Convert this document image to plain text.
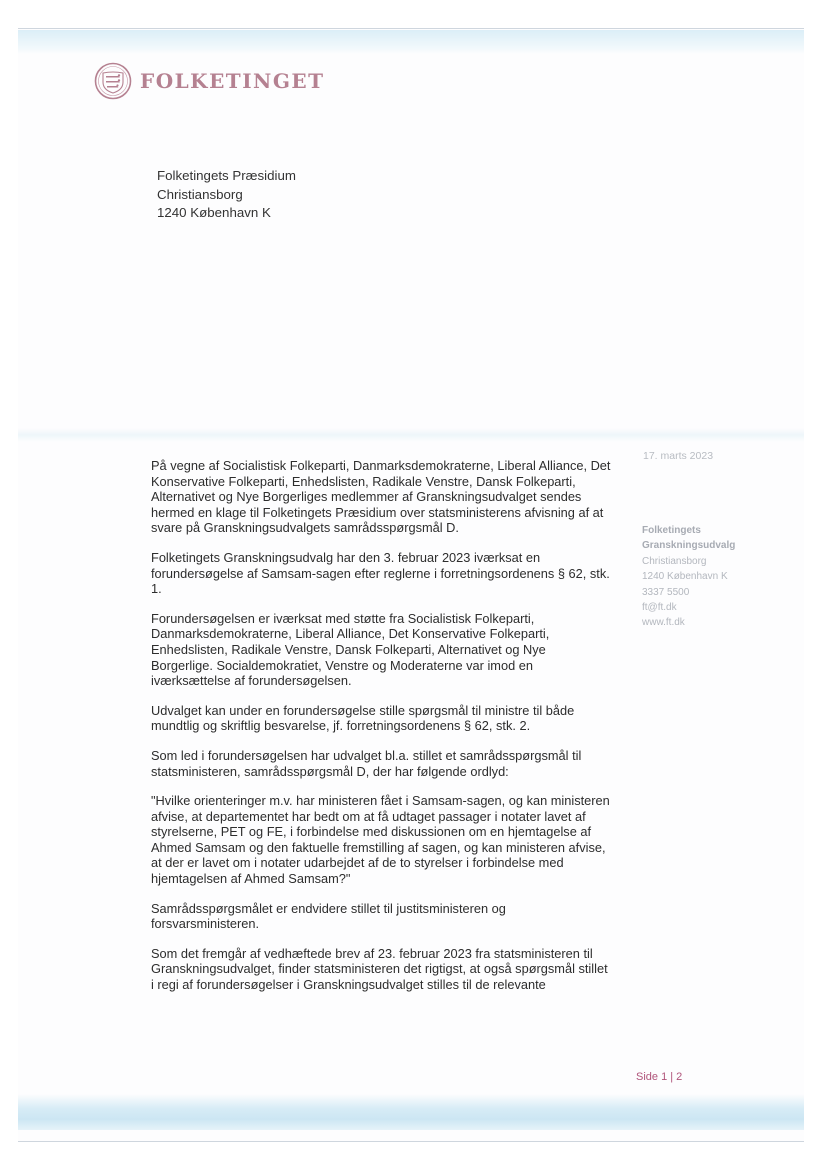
FOLKETINGET
Folketingets Præsidium
Christiansborg
1240 København K
17. marts 2023
Folketingets
Granskningsudvalg
Christiansborg
1240 København K
3337 5500
ft@ft.dk
www.ft.dk

På vegne af Socialistisk Folkeparti, Danmarksdemokraterne, Liberal Alliance, Det Konservative Folkeparti, Enhedslisten, Radikale Venstre, Dansk Folkeparti, Alternativet og Nye Borgerliges medlemmer af Granskningsudvalget sendes hermed en klage til Folketingets Præsidium over statsministerens afvisning af at svare på Granskningsudvalgets samrådsspørgsmål D.

Folketingets Granskningsudvalg har den 3. februar 2023 iværksat en forundersøgelse af Samsam-sagen efter reglerne i forretningsordenens § 62, stk. 1.

Forundersøgelsen er iværksat med støtte fra Socialistisk Folkeparti, Danmarksdemokraterne, Liberal Alliance, Det Konservative Folkeparti, Enhedslisten, Radikale Venstre, Dansk Folkeparti, Alternativet og Nye Borgerlige. Socialdemokratiet, Venstre og Moderaterne var imod en iværksættelse af forundersøgelsen.

Udvalget kan under en forundersøgelse stille spørgsmål til ministre til både mundtlig og skriftlig besvarelse, jf. forretningsordenens § 62, stk. 2.

Som led i forundersøgelsen har udvalget bl.a. stillet et samrådsspørgsmål til statsministeren, samrådsspørgsmål D, der har følgende ordlyd:

"Hvilke orienteringer m.v. har ministeren fået i Samsam-sagen, og kan ministeren afvise, at departementet har bedt om at få udtaget passager i notater lavet af styrelserne, PET og FE, i forbindelse med diskussionen om en hjemtagelse af Ahmed Samsam og den faktuelle fremstilling af sagen, og kan ministeren afvise, at der er lavet om i notater udarbejdet af de to styrelser i forbindelse med hjemtagelsen af Ahmed Samsam?"

Samrådsspørgsmålet er endvidere stillet til justitsministeren og forsvarsministeren.

Som det fremgår af vedhæftede brev af 23. februar 2023 fra statsministeren til Granskningsudvalget, finder statsministeren det rigtigst, at også spørgsmål stillet i regi af forundersøgelser i Granskningsudvalget stilles til de relevante

Side 1 | 2
